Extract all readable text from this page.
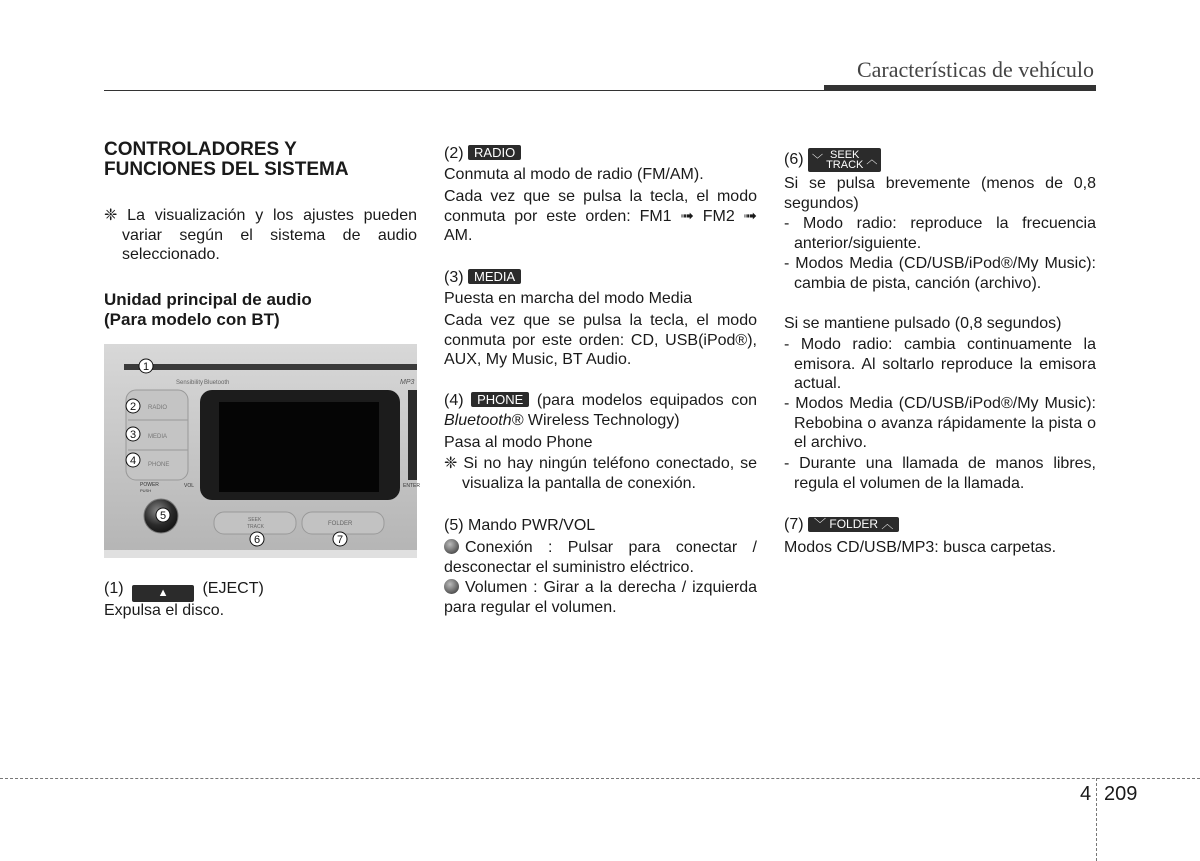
Características de vehículo

CONTROLADORES Y
FUNCIONES DEL SISTEMA

❈ La visualización y los ajustes pueden variar según el sistema de audio seleccionado.

Unidad principal de audio
(Para modelo con BT)

(1)	▲ (EJECT)

Expulsa el disco.

Sensibility Bluetooth	MP3
RADIO
MEDIA
PHONE
POWER
PUSH
VOL	ENTER
SEEK
TRACK	FOLDER
1
2
3
4
5
6	7

(2) RADIO

Conmuta al modo de radio (FM/AM).

Cada vez que se pulsa la tecla, el modo conmuta por este orden: FM1 ➟ FM2 ➟ AM.

(3) MEDIA

Puesta en marcha del modo Media

Cada vez que se pulsa la tecla, el modo conmuta por este orden: CD, USB(iPod®), AUX, My Music, BT Audio.

(4) PHONE (para modelos equipados con Bluetooth® Wireless Technology)

Pasa al modo Phone

❈ Si no hay ningún teléfono conectado, se visualiza la pantalla de conexión.

(5) Mando PWR/VOL

Conexión : Pulsar para conectar / desconectar el suministro eléctrico.

Volumen : Girar a la derecha / izquierda para regular el volumen.

(6) ﹀ SEEK
TRACK ︿

Si se pulsa brevemente (menos de 0,8 segundos)

- Modo radio: reproduce la frecuencia anterior/siguiente.

- Modos Media (CD/USB/iPod®/My Music): cambia de pista, canción (archivo).

Si se mantiene pulsado (0,8 segundos)

- Modo radio: cambia continuamente la emisora. Al soltarlo reproduce la emisora actual.

- Modos Media (CD/USB/iPod®/My Music): Rebobina o avanza rápidamente la pista o el archivo.

- Durante una llamada de manos libres, regula el volumen de la llamada.

(7) ﹀ FOLDER ︿

Modos CD/USB/MP3: busca carpetas.

4 209
